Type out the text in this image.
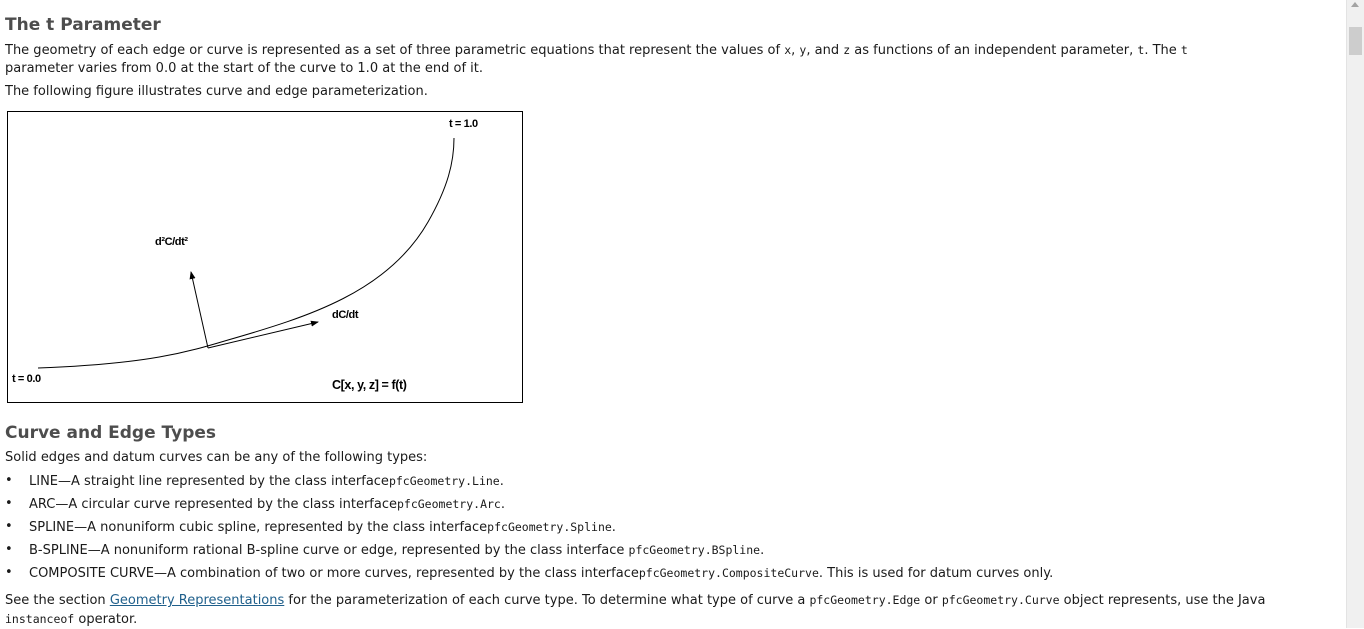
The t Parameter

The geometry of each edge or curve is represented as a set of three parametric equations that represent the values of x, y, and z as functions of an independent parameter, t. The t parameter varies from 0.0 at the start of the curve to 1.0 at the end of it.

The following figure illustrates curve and edge parameterization.

t = 1.0
d²C/dt²
dC/dt
t = 0.0	C[x, y, z] = f(t)
Curve and Edge Types

Solid edges and datum curves can be any of the following types:

• LINE—A straight line represented by the class interfacepfcGeometry.Line.
• ARC—A circular curve represented by the class interfacepfcGeometry.Arc.
• SPLINE—A nonuniform cubic spline, represented by the class interfacepfcGeometry.Spline.
• B-SPLINE—A nonuniform rational B-spline curve or edge, represented by the class interface pfcGeometry.BSpline.
• COMPOSITE CURVE—A combination of two or more curves, represented by the class interfacepfcGeometry.CompositeCurve. This is used for datum curves only.

See the section Geometry Representations for the parameterization of each curve type. To determine what type of curve a pfcGeometry.Edge or pfcGeometry.Curve object represents, use the Java instanceof operator.
